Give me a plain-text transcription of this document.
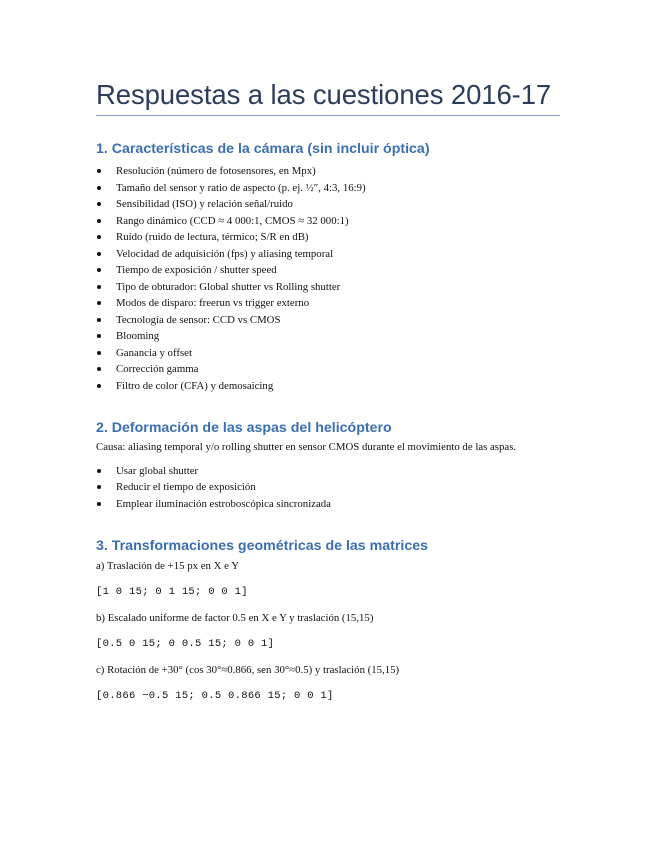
Respuestas a las cuestiones 2016-17
1. Características de la cámara (sin incluir óptica)
Resolución (número de fotosensores, en Mpx)
Tamaño del sensor y ratio de aspecto (p. ej. ½″, 4:3, 16:9)
Sensibilidad (ISO) y relación señal/ruido
Rango dinámico (CCD ≈ 4 000:1, CMOS ≈ 32 000:1)
Ruido (ruido de lectura, térmico; S/R en dB)
Velocidad de adquisición (fps) y aliasing temporal
Tiempo de exposición / shutter speed
Tipo de obturador: Global shutter vs Rolling shutter
Modos de disparo: freerun vs trigger externo
Tecnología de sensor: CCD vs CMOS
Blooming
Ganancia y offset
Corrección gamma
Filtro de color (CFA) y demosaicing
2. Deformación de las aspas del helicóptero

Causa: aliasing temporal y/o rolling shutter en sensor CMOS durante el movimiento de las aspas.

Usar global shutter
Reducir el tiempo de exposición
Emplear iluminación estroboscópica sincronizada
3. Transformaciones geométricas de las matrices

a) Traslación de +15 px en X e Y

[1 0 15; 0 1 15; 0 0 1]

b) Escalado uniforme de factor 0.5 en X e Y y traslación (15,15)

[0.5 0 15; 0 0.5 15; 0 0 1]

c) Rotación de +30° (cos 30°≈0.866, sen 30°≈0.5) y traslación (15,15)

[0.866 −0.5 15; 0.5 0.866 15; 0 0 1]
